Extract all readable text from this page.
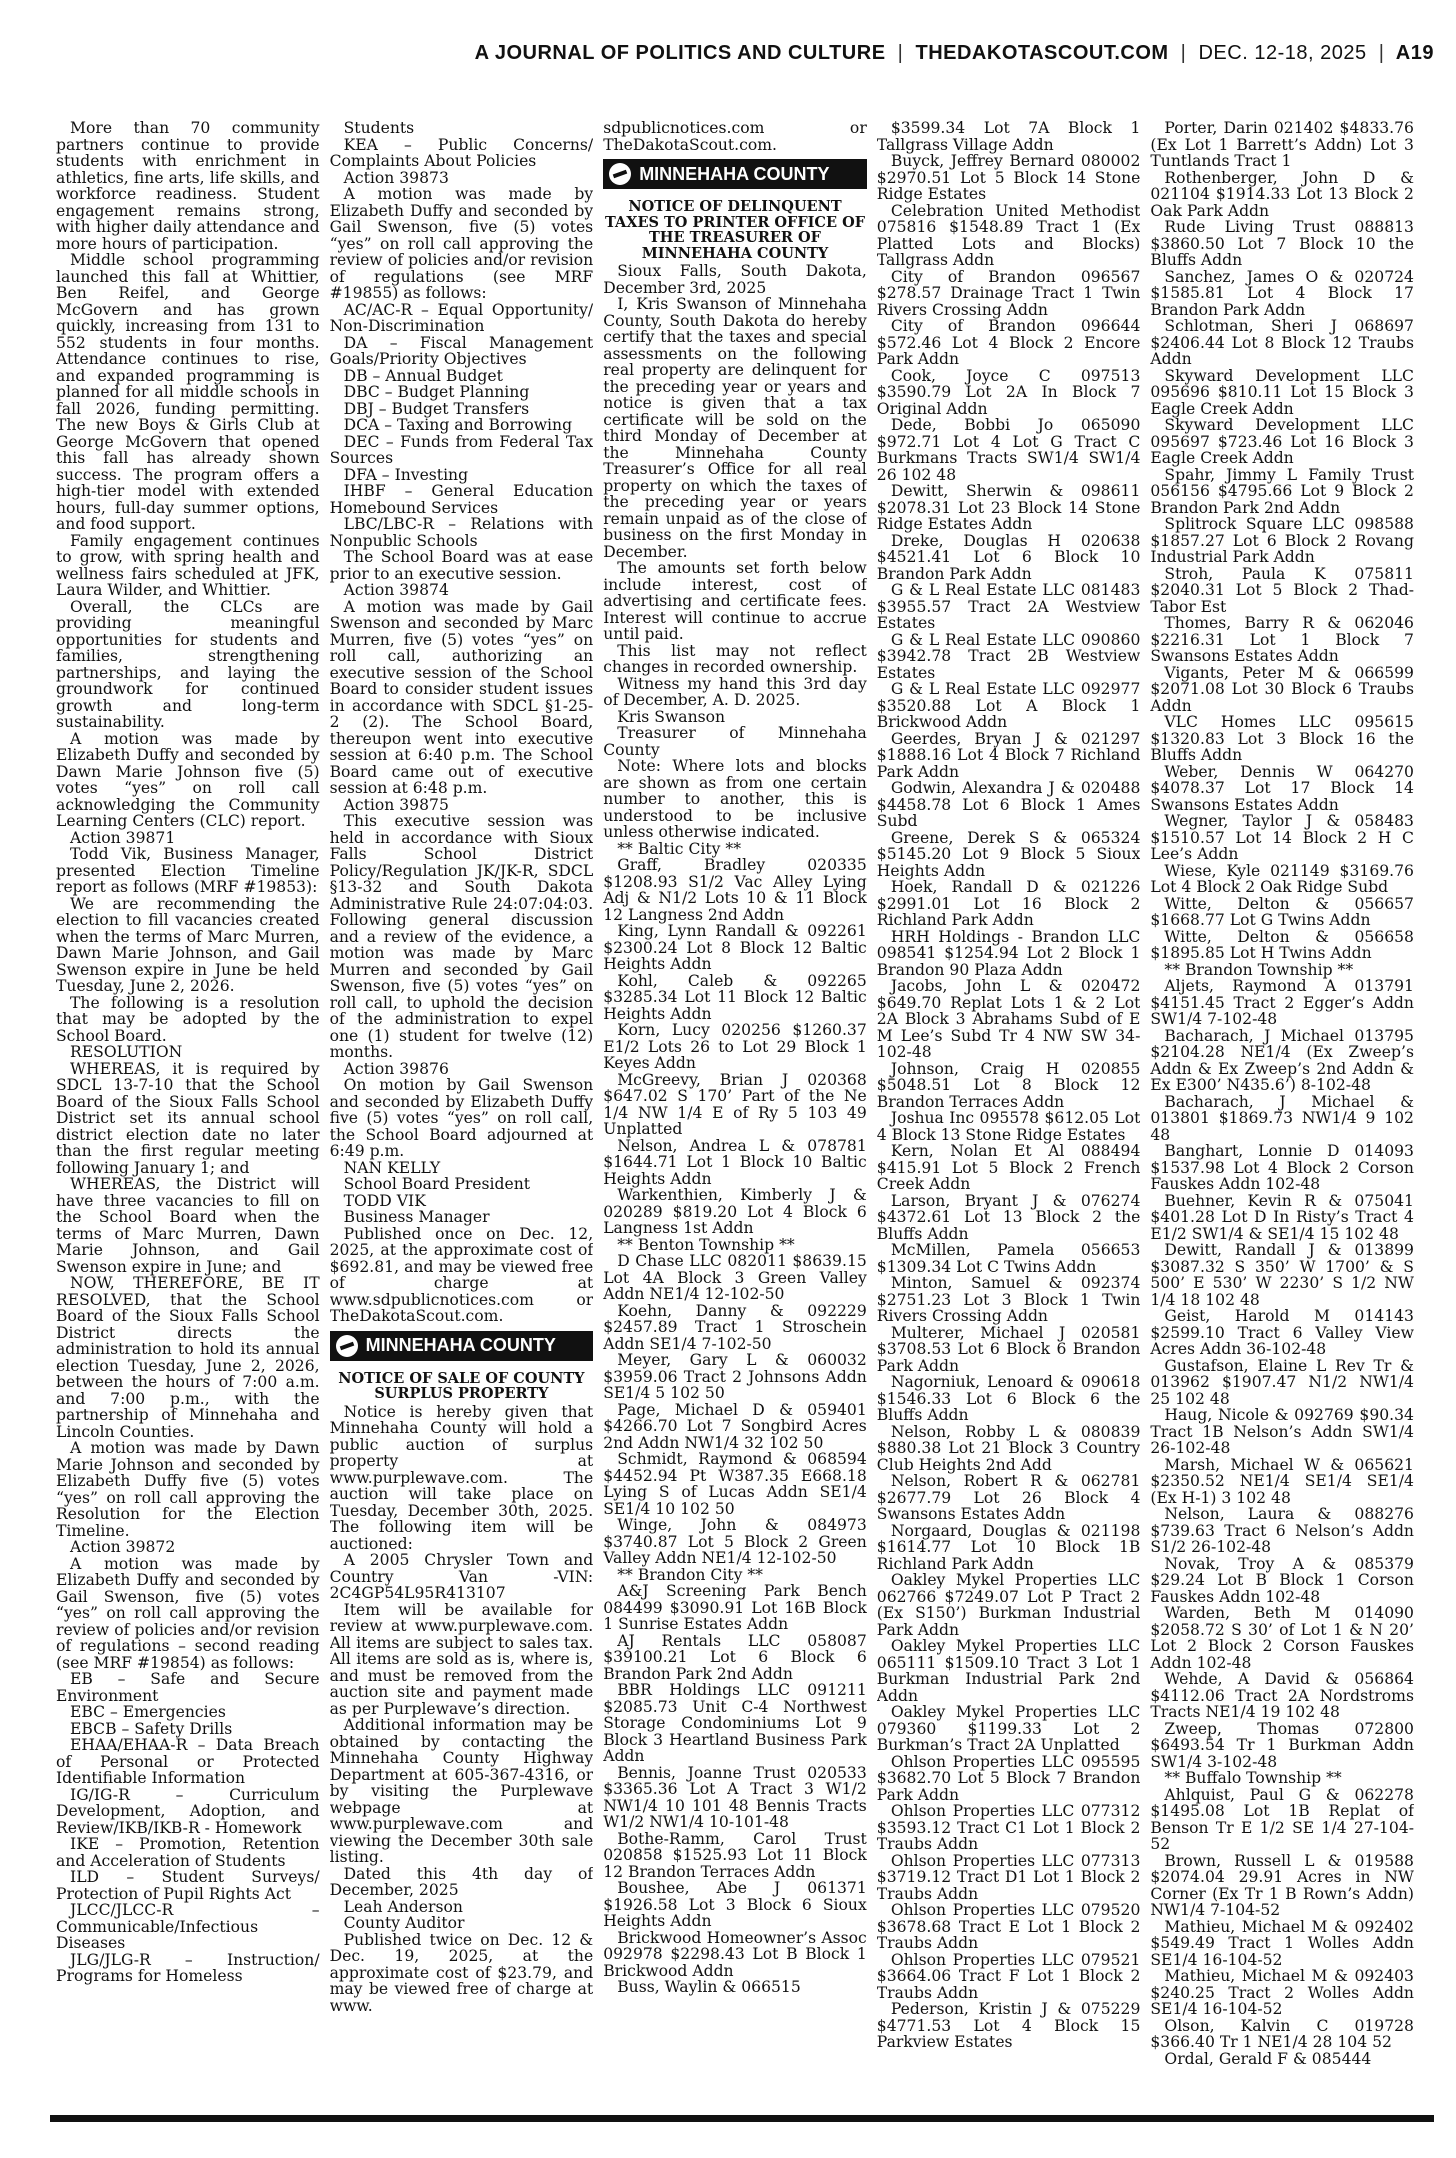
A JOURNAL OF POLITICS AND CULTURE  |  THEDAKOTASCOUT.COM  |  DEC. 12-18, 2025  |  A19

More than 70 community partners continue to provide students with enrichment in athletics, fine arts, life skills, and workforce readiness. Student engagement remains strong, with higher daily attendance and more hours of participation.

Middle school programming launched this fall at Whittier, Ben Reifel, and George McGovern and has grown quickly, increasing from 131 to 552 students in four months. Attendance continues to rise, and expanded programming is planned for all middle schools in fall 2026, funding permitting. The new Boys & Girls Club at George McGovern that opened this fall has already shown success. The program offers a high-tier model with extended hours, full-day summer options, and food support.

Family engagement continues to grow, with spring health and wellness fairs scheduled at JFK, Laura Wilder, and Whittier.

Overall, the CLCs are providing meaningful opportunities for students and families, strengthening partnerships, and laying the groundwork for continued growth and long-term sustainability.

A motion was made by Elizabeth Duffy and seconded by Dawn Marie Johnson five (5) votes “yes” on roll call acknowledging the Community Learning Centers (CLC) report.

Action 39871

Todd Vik, Business Manager, presented Election Timeline report as follows (MRF #19853):

We are recommending the election to fill vacancies created when the terms of Marc Murren, Dawn Marie Johnson, and Gail Swenson expire in June be held Tuesday, June 2, 2026.

The following is a resolution that may be adopted by the School Board.

RESOLUTION

WHEREAS, it is required by SDCL 13-7-10 that the School Board of the Sioux Falls School District set its annual school district election date no later than the first regular meeting following January 1; and

WHEREAS, the District will have three vacancies to fill on the School Board when the terms of Marc Murren, Dawn Marie Johnson, and Gail Swenson expire in June; and

NOW, THEREFORE, BE IT RESOLVED, that the School Board of the Sioux Falls School District directs the administration to hold its annual election Tuesday, June 2, 2026, between the hours of 7:00 a.m. and 7:00 p.m., with the partnership of Minnehaha and Lincoln Counties.

A motion was made by Dawn Marie Johnson and seconded by Elizabeth Duffy five (5) votes “yes” on roll call approving the Resolution for the Election Timeline.

Action 39872

A motion was made by Elizabeth Duffy and seconded by Gail Swenson, five (5) votes “yes” on roll call approving the review of policies and/or revision of regulations – second reading (see MRF #19854) as follows:

EB – Safe and Secure Environment

EBC – Emergencies

EBCB – Safety Drills

EHAA/EHAA-R – Data Breach of Personal or Protected Identifiable Information

IG/IG-R – Curriculum Development, Adoption, and Review/IKB/IKB-R - Homework

IKE – Promotion, Retention and Acceleration of Students

ILD – Student Surveys/ Protection of Pupil Rights Act

JLCC/JLCC-R – Communicable/Infectious Diseases

JLG/JLG-R – Instruction/ Programs for Homeless

Students

KEA – Public Concerns/ Complaints About Policies

Action 39873

A motion was made by Elizabeth Duffy and seconded by Gail Swenson, five (5) votes “yes” on roll call approving the review of policies and/or revision of regulations (see MRF #19855) as follows:

AC/AC-R – Equal Opportunity/ Non-Discrimination

DA – Fiscal Management Goals/Priority Objectives

DB – Annual Budget

DBC – Budget Planning

DBJ – Budget Transfers

DCA – Taxing and Borrowing

DEC – Funds from Federal Tax Sources

DFA – Investing

IHBF – General Education Homebound Services

LBC/LBC-R – Relations with Nonpublic Schools

The School Board was at ease prior to an executive session.

Action 39874

A motion was made by Gail Swenson and seconded by Marc Murren, five (5) votes “yes” on roll call, authorizing an executive session of the School Board to consider student issues in accordance with SDCL §1-25-2 (2). The School Board, thereupon went into executive session at 6:40 p.m. The School Board came out of executive session at 6:48 p.m.

Action 39875

This executive session was held in accordance with Sioux Falls School District Policy/Regulation JK/JK-R, SDCL §13-32 and South Dakota Administrative Rule 24:07:04:03. Following general discussion and a review of the evidence, a motion was made by Marc Murren and seconded by Gail Swenson, five (5) votes “yes” on roll call, to uphold the decision of the administration to expel one (1) student for twelve (12) months.

Action 39876

On motion by Gail Swenson and seconded by Elizabeth Duffy five (5) votes “yes” on roll call, the School Board adjourned at 6:49 p.m.

NAN KELLY

School Board President

TODD VIK

Business Manager

Published once on Dec. 12, 2025, at the approximate cost of $692.81, and may be viewed free of charge at www.sdpublicnotices.com or TheDakotaScout.com.

MINNEHAHA COUNTY

NOTICE OF SALE OF COUNTY SURPLUS PROPERTY

Notice is hereby given that Minnehaha County will hold a public auction of surplus property at www.purplewave.com. The auction will take place on Tuesday, December 30th, 2025. The following item will be auctioned:

A 2005 Chrysler Town and Country Van -VIN: 2C4GP54L95R413107

Item will be available for review at www.purplewave.com. All items are subject to sales tax. All items are sold as is, where is, and must be removed from the auction site and payment made as per Purplewave’s direction.

Additional information may be obtained by contacting the Minnehaha County Highway Department at 605-367-4316, or by visiting the Purplewave webpage at www.purplewave.com and viewing the December 30th sale listing.

Dated this 4th day of December, 2025

Leah Anderson

County Auditor

Published twice on Dec. 12 & Dec. 19, 2025, at the approximate cost of $23.79, and may be viewed free of charge at www.

sdpublicnotices.com or TheDakotaScout.com.

MINNEHAHA COUNTY

NOTICE OF DELINQUENT TAXES TO PRINTER OFFICE OF THE TREASURER OF MINNEHAHA COUNTY

Sioux Falls, South Dakota, December 3rd, 2025

I, Kris Swanson of Minnehaha County, South Dakota do hereby certify that the taxes and special assessments on the following real property are delinquent for the preceding year or years and notice is given that a tax certificate will be sold on the third Monday of December at the Minnehaha County Treasurer’s Office for all real property on which the taxes of the preceding year or years remain unpaid as of the close of business on the first Monday in December.

The amounts set forth below include interest, cost of advertising and certificate fees. Interest will continue to accrue until paid.

This list may not reflect changes in recorded ownership.

Witness my hand this 3rd day of December, A. D. 2025.

Kris Swanson

Treasurer of Minnehaha County

Note: Where lots and blocks are shown as from one certain number to another, this is understood to be inclusive unless otherwise indicated.

** Baltic City **

Graff, Bradley 020335 $1208.93 S1/2 Vac Alley Lying Adj & N1/2 Lots 10 & 11 Block 12 Langness 2nd Addn

King, Lynn Randall & 092261 $2300.24 Lot 8 Block 12 Baltic Heights Addn

Kohl, Caleb & 092265 $3285.34 Lot 11 Block 12 Baltic Heights Addn

Korn, Lucy 020256 $1260.37 E1/2 Lots 26 to Lot 29 Block 1 Keyes Addn

McGreevy, Brian J 020368 $647.02 S 170’ Part of the Ne 1/4 NW 1/4 E of Ry 5 103 49 Unplatted

Nelson, Andrea L & 078781 $1644.71 Lot 1 Block 10 Baltic Heights Addn

Warkenthien, Kimberly J & 020289 $819.20 Lot 4 Block 6 Langness 1st Addn

** Benton Township **

D Chase LLC 082011 $8639.15 Lot 4A Block 3 Green Valley Addn NE1/4 12-102-50

Koehn, Danny & 092229 $2457.89 Tract 1 Stroschein Addn SE1/4 7-102-50

Meyer, Gary L & 060032 $3959.06 Tract 2 Johnsons Addn SE1/4 5 102 50

Page, Michael D & 059401 $4266.70 Lot 7 Songbird Acres 2nd Addn NW1/4 32 102 50

Schmidt, Raymond & 068594 $4452.94 Pt W387.35 E668.18 Lying S of Lucas Addn SE1/4 SE1/4 10 102 50

Winge, John & 084973 $3740.87 Lot 5 Block 2 Green Valley Addn NE1/4 12-102-50

** Brandon City **

A&J Screening Park Bench 084499 $3090.91 Lot 16B Block 1 Sunrise Estates Addn

AJ Rentals LLC 058087 $39100.21 Lot 6 Block 6 Brandon Park 2nd Addn

BBR Holdings LLC 091211 $2085.73 Unit C-4 Northwest Storage Condominiums Lot 9 Block 3 Heartland Business Park Addn

Bennis, Joanne Trust 020533 $3365.36 Lot A Tract 3 W1/2 NW1/4 10 101 48 Bennis Tracts W1/2 NW1/4 10-101-48

Bothe-Ramm, Carol Trust 020858 $1525.93 Lot 11 Block 12 Brandon Terraces Addn

Boushee, Abe J 061371 $1926.58 Lot 3 Block 6 Sioux Heights Addn

Brickwood Homeowner’s Assoc 092978 $2298.43 Lot B Block 1 Brickwood Addn

Buss, Waylin & 066515

$3599.34 Lot 7A Block 1 Tallgrass Village Addn

Buyck, Jeffrey Bernard 080002 $2970.51 Lot 5 Block 14 Stone Ridge Estates

Celebration United Methodist 075816 $1548.89 Tract 1 (Ex Platted Lots and Blocks) Tallgrass Addn

City of Brandon 096567 $278.57 Drainage Tract 1 Twin Rivers Crossing Addn

City of Brandon 096644 $572.46 Lot 4 Block 2 Encore Park Addn

Cook, Joyce C 097513 $3590.79 Lot 2A In Block 7 Original Addn

Dede, Bobbi Jo 065090 $972.71 Lot 4 Lot G Tract C Burkmans Tracts SW1/4 SW1/4 26 102 48

Dewitt, Sherwin & 098611 $2078.31 Lot 23 Block 14 Stone Ridge Estates Addn

Dreke, Douglas H 020638 $4521.41 Lot 6 Block 10 Brandon Park Addn

G & L Real Estate LLC 081483 $3955.57 Tract 2A Westview Estates

G & L Real Estate LLC 090860 $3942.78 Tract 2B Westview Estates

G & L Real Estate LLC 092977 $3520.88 Lot A Block 1 Brickwood Addn

Geerdes, Bryan J & 021297 $1888.16 Lot 4 Block 7 Richland Park Addn

Godwin, Alexandra J & 020488 $4458.78 Lot 6 Block 1 Ames Subd

Greene, Derek S & 065324 $5145.20 Lot 9 Block 5 Sioux Heights Addn

Hoek, Randall D & 021226 $2991.01 Lot 16 Block 2 Richland Park Addn

HRH Holdings - Brandon LLC 098541 $1254.94 Lot 2 Block 1 Brandon 90 Plaza Addn

Jacobs, John L & 020472 $649.70 Replat Lots 1 & 2 Lot 2A Block 3 Abrahams Subd of E M Lee’s Subd Tr 4 NW SW 34-102-48

Johnson, Craig H 020855 $5048.51 Lot 8 Block 12 Brandon Terraces Addn

Joshua Inc 095578 $612.05 Lot 4 Block 13 Stone Ridge Estates

Kern, Nolan Et Al 088494 $415.91 Lot 5 Block 2 French Creek Addn

Larson, Bryant J & 076274 $4372.61 Lot 13 Block 2 the Bluffs Addn

McMillen, Pamela 056653 $1309.34 Lot C Twins Addn

Minton, Samuel & 092374 $2751.23 Lot 3 Block 1 Twin Rivers Crossing Addn

Multerer, Michael J 020581 $3708.53 Lot 6 Block 6 Brandon Park Addn

Nagorniuk, Lenoard & 090618 $1546.33 Lot 6 Block 6 the Bluffs Addn

Nelson, Robby L & 080839 $880.38 Lot 21 Block 3 Country Club Heights 2nd Add

Nelson, Robert R & 062781 $2677.79 Lot 26 Block 4 Swansons Estates Addn

Norgaard, Douglas & 021198 $1614.77 Lot 10 Block 1B Richland Park Addn

Oakley Mykel Properties LLC 062766 $7249.07 Lot P Tract 2 (Ex S150’) Burkman Industrial Park Addn

Oakley Mykel Properties LLC 065111 $1509.10 Tract 3 Lot 1 Burkman Industrial Park 2nd Addn

Oakley Mykel Properties LLC 079360 $1199.33 Lot 2 Burkman’s Tract 2A Unplatted

Ohlson Properties LLC 095595 $3682.70 Lot 5 Block 7 Brandon Park Addn

Ohlson Properties LLC 077312 $3593.12 Tract C1 Lot 1 Block 2 Traubs Addn

Ohlson Properties LLC 077313 $3719.12 Tract D1 Lot 1 Block 2 Traubs Addn

Ohlson Properties LLC 079520 $3678.68 Tract E Lot 1 Block 2 Traubs Addn

Ohlson Properties LLC 079521 $3664.06 Tract F Lot 1 Block 2 Traubs Addn

Pederson, Kristin J & 075229 $4771.53 Lot 4 Block 15 Parkview Estates

Porter, Darin 021402 $4833.76 (Ex Lot 1 Barrett’s Addn) Lot 3 Tuntlands Tract 1

Rothenberger, John D & 021104 $1914.33 Lot 13 Block 2 Oak Park Addn

Rude Living Trust 088813 $3860.50 Lot 7 Block 10 the Bluffs Addn

Sanchez, James O & 020724 $1585.81 Lot 4 Block 17 Brandon Park Addn

Schlotman, Sheri J 068697 $2406.44 Lot 8 Block 12 Traubs Addn

Skyward Development LLC 095696 $810.11 Lot 15 Block 3 Eagle Creek Addn

Skyward Development LLC 095697 $723.46 Lot 16 Block 3 Eagle Creek Addn

Spahr, Jimmy L Family Trust 056156 $4795.66 Lot 9 Block 2 Brandon Park 2nd Addn

Splitrock Square LLC 098588 $1857.27 Lot 6 Block 2 Rovang Industrial Park Addn

Stroh, Paula K 075811 $2040.31 Lot 5 Block 2 Thad-Tabor Est

Thomes, Barry R & 062046 $2216.31 Lot 1 Block 7 Swansons Estates Addn

Vigants, Peter M & 066599 $2071.08 Lot 30 Block 6 Traubs Addn

VLC Homes LLC 095615 $1320.83 Lot 3 Block 16 the Bluffs Addn

Weber, Dennis W 064270 $4078.37 Lot 17 Block 14 Swansons Estates Addn

Wegner, Taylor J & 058483 $1510.57 Lot 14 Block 2 H C Lee’s Addn

Wiese, Kyle 021149 $3169.76 Lot 4 Block 2 Oak Ridge Subd

Witte, Delton & 056657 $1668.77 Lot G Twins Addn

Witte, Delton & 056658 $1895.85 Lot H Twins Addn

** Brandon Township **

Aljets, Raymond A 013791 $4151.45 Tract 2 Egger’s Addn SW1/4 7-102-48

Bacharach, J Michael 013795 $2104.28 NE1/4 (Ex Zweep’s Addn & Ex Zweep’s 2nd Addn & Ex E300’ N435.6’) 8-102-48

Bacharach, J Michael & 013801 $1869.73 NW1/4 9 102 48

Banghart, Lonnie D 014093 $1537.98 Lot 4 Block 2 Corson Fauskes Addn 102-48

Buehner, Kevin R & 075041 $401.28 Lot D In Risty’s Tract 4 E1/2 SW1/4 & SE1/4 15 102 48

Dewitt, Randall J & 013899 $3087.32 S 350’ W 1700’ & S 500’ E 530’ W 2230’ S 1/2 NW 1/4 18 102 48

Geist, Harold M 014143 $2599.10 Tract 6 Valley View Acres Addn 36-102-48

Gustafson, Elaine L Rev Tr & 013962 $1907.47 N1/2 NW1/4 25 102 48

Haug, Nicole & 092769 $90.34 Tract 1B Nelson’s Addn SW1/4 26-102-48

Marsh, Michael W & 065621 $2350.52 NE1/4 SE1/4 SE1/4 (Ex H-1) 3 102 48

Nelson, Laura & 088276 $739.63 Tract 6 Nelson’s Addn S1/2 26-102-48

Novak, Troy A & 085379 $29.24 Lot B Block 1 Corson Fauskes Addn 102-48

Warden, Beth M 014090 $2058.72 S 30’ of Lot 1 & N 20’ Lot 2 Block 2 Corson Fauskes Addn 102-48

Wehde, A David & 056864 $4112.06 Tract 2A Nordstroms Tracts NE1/4 19 102 48

Zweep, Thomas 072800 $6493.54 Tr 1 Burkman Addn SW1/4 3-102-48

** Buffalo Township **

Ahlquist, Paul G & 062278 $1495.08 Lot 1B Replat of Benson Tr E 1/2 SE 1/4 27-104-52

Brown, Russell L & 019588 $2074.04 29.91 Acres in NW Corner (Ex Tr 1 B Rown’s Addn) NW1/4 7-104-52

Mathieu, Michael M & 092402 $549.49 Tract 1 Wolles Addn SE1/4 16-104-52

Mathieu, Michael M & 092403 $240.25 Tract 2 Wolles Addn SE1/4 16-104-52

Olson, Kalvin C 019728 $366.40 Tr 1 NE1/4 28 104 52

Ordal, Gerald F & 085444
